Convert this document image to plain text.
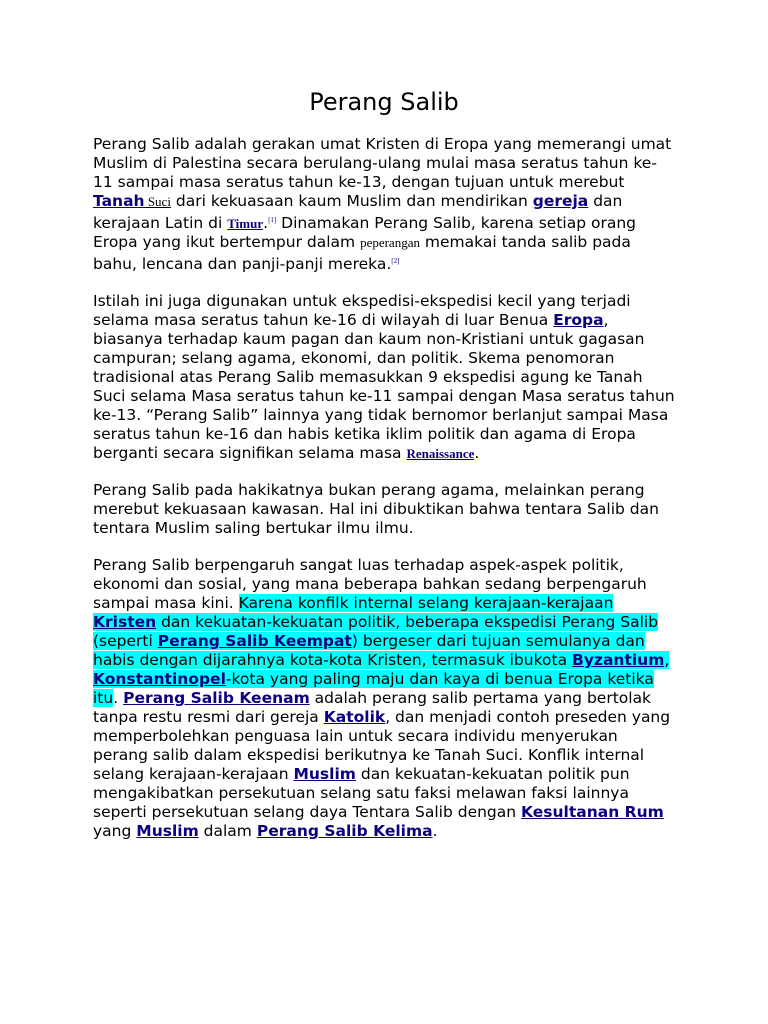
Perang Salib

Perang Salib adalah gerakan umat Kristen di Eropa yang memerangi umat Muslim di Palestina secara berulang-ulang mulai masa seratus tahun ke-11 sampai masa seratus tahun ke-13, dengan tujuan untuk merebut Tanah Suci dari kekuasaan kaum Muslim dan mendirikan gereja dan kerajaan Latin di Timur.[1] Dinamakan Perang Salib, karena setiap orang Eropa yang ikut bertempur dalam peperangan memakai tanda salib pada bahu, lencana dan panji-panji mereka.[2]

Istilah ini juga digunakan untuk ekspedisi-ekspedisi kecil yang terjadi selama masa seratus tahun ke-16 di wilayah di luar Benua Eropa, biasanya terhadap kaum pagan dan kaum non-Kristiani untuk gagasan campuran; selang agama, ekonomi, dan politik. Skema penomoran tradisional atas Perang Salib memasukkan 9 ekspedisi agung ke Tanah Suci selama Masa seratus tahun ke-11 sampai dengan Masa seratus tahun ke-13. “Perang Salib” lainnya yang tidak bernomor berlanjut sampai Masa seratus tahun ke-16 dan habis ketika iklim politik dan agama di Eropa berganti secara signifikan selama masa Renaissance.

Perang Salib pada hakikatnya bukan perang agama, melainkan perang merebut kekuasaan kawasan. Hal ini dibuktikan bahwa tentara Salib dan tentara Muslim saling bertukar ilmu ilmu.

Perang Salib berpengaruh sangat luas terhadap aspek-aspek politik, ekonomi dan sosial, yang mana beberapa bahkan sedang berpengaruh sampai masa kini. Karena konfilk internal selang kerajaan-kerajaan Kristen dan kekuatan-kekuatan politik, beberapa ekspedisi Perang Salib (seperti Perang Salib Keempat) bergeser dari tujuan semulanya dan habis dengan dijarahnya kota-kota Kristen, termasuk ibukota Byzantium, Konstantinopel-kota yang paling maju dan kaya di benua Eropa ketika itu. Perang Salib Keenam adalah perang salib pertama yang bertolak tanpa restu resmi dari gereja Katolik, dan menjadi contoh preseden yang memperbolehkan penguasa lain untuk secara individu menyerukan perang salib dalam ekspedisi berikutnya ke Tanah Suci. Konflik internal selang kerajaan-kerajaan Muslim dan kekuatan-kekuatan politik pun mengakibatkan persekutuan selang satu faksi melawan faksi lainnya seperti persekutuan selang daya Tentara Salib dengan Kesultanan Rum yang Muslim dalam Perang Salib Kelima.
